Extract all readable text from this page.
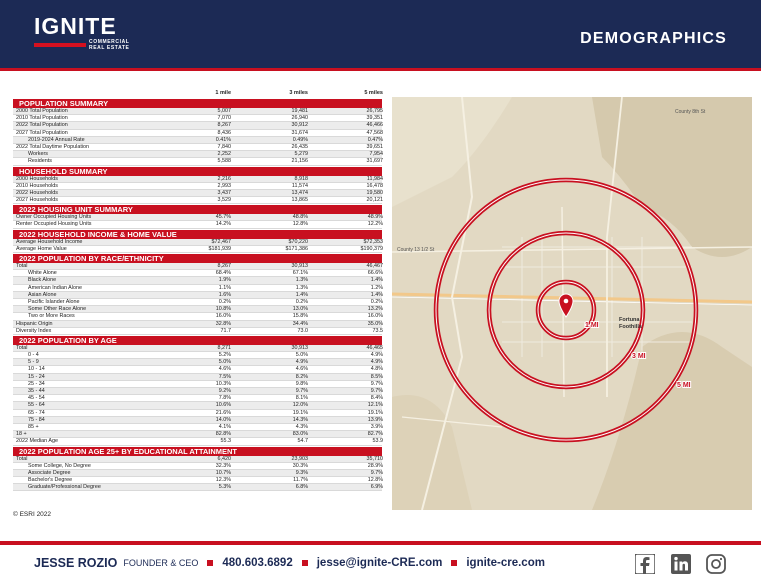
IGNITE
COMMERCIAL
REAL ESTATE
DEMOGRAPHICS
1 mile	3 miles	5 miles
POPULATION SUMMARY
2000 Total Population	5,007	19,481	26,795
2010 Total Population	7,070	26,940	39,351
2022 Total Population	8,267	30,912	46,466
2027 Total Population	8,436	31,674	47,568
2019-2024 Annual Rate	0.41%	0.49%	0.47%
2022 Total Daytime Population	7,840	26,435	39,651
Workers	2,252	5,279	7,954
Residents	5,588	21,156	31,697
HOUSEHOLD SUMMARY
2000 Households	2,216	8,918	11,984
2010 Households	2,993	11,574	16,478
2022 Households	3,437	13,474	19,580
2027 Households	3,529	13,865	20,121
2022 HOUSING UNIT SUMMARY
Owner Occupied Housing Units	45.7%	48.8%	48.9%
Renter Occupied Housing Units	14.2%	12.8%	12.2%
2022 HOUSEHOLD INCOME & HOME VALUE
Average Household Income	$72,467	$70,220	$72,353
Average Home Value	$181,939	$171,386	$190,379
2022 POPULATION BY RACE/ETHNICITY
Total	8,267	30,913	46,467
White Alone	68.4%	67.1%	66.6%
Black Alone	1.9%	1.3%	1.4%
American Indian Alone	1.1%	1.3%	1.2%
Asian Alone	1.6%	1.4%	1.4%
Pacific Islander Alone	0.2%	0.2%	0.2%
Some Other Race Alone	10.8%	13.0%	13.2%
Two or More Races	16.0%	15.8%	16.0%
Hispanic Origin	32.8%	34.4%	35.0%
Diversity Index	71.7	73.0	73.5
2022 POPULATION BY AGE
Total	8,271	30,913	46,465
0 - 4	5.2%	5.0%	4.9%
5 - 9	5.0%	4.9%	4.9%
10 - 14	4.6%	4.6%	4.8%
15 - 24	7.5%	8.2%	8.5%
25 - 34	10.3%	9.8%	9.7%
35 - 44	9.2%	9.7%	9.7%
45 - 54	7.8%	8.1%	8.4%
55 - 64	10.6%	12.0%	12.1%
65 - 74	21.6%	19.1%	19.1%
75 - 84	14.0%	14.3%	13.9%
85 +	4.1%	4.3%	3.9%
18 +	82.8%	83.0%	82.7%
2022 Median Age	55.3	54.7	53.9
2022 POPULATION AGE 25+ BY EDUCATIONAL ATTAINMENT
Total	6,420	23,903	35,710
Some College, No Degree	32.3%	30.3%	28.9%
Associate Degree	10.7%	9.3%	9.7%
Bachelor's Degree	12.3%	11.7%	12.8%
Graduate/Professional Degree	5.3%	6.8%	6.9%
© ESRI 2022
County 8th St
County 13 1/2 St
1 MI
3 MI
5 MI
Fortuna
Foothills
JESSE ROZIO FOUNDER & CEO 480.603.6892 jesse@ignite-CRE.com ignite-cre.com
